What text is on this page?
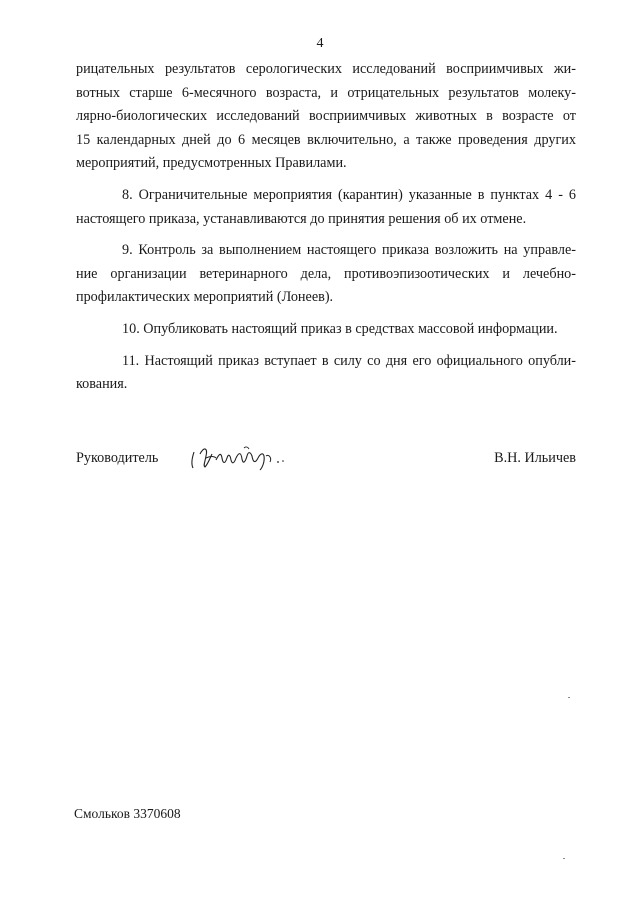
4
рицательных результатов серологических исследований восприимчивых жи-
вотных старше 6-месячного возраста, и отрицательных результатов молеку-
лярно-биологических исследований восприимчивых животных в возрасте от
15 календарных дней до 6 месяцев включительно, а также проведения других
мероприятий, предусмотренных Правилами.
8. Ограничительные мероприятия (карантин) указанные в пунктах 4 - 6
настоящего приказа, устанавливаются до принятия решения об их отмене.
9. Контроль за выполнением настоящего приказа возложить на управле-
ние организации ветеринарного дела, противоэпизоотических и лечебно-
профилактических мероприятий (Лонеев).
10. Опубликовать настоящий приказ в средствах массовой информации.
11. Настоящий приказ вступает в силу со дня его официального опубли-
кования.
Руководитель	В.Н. Ильичев
Смольков 3370608
